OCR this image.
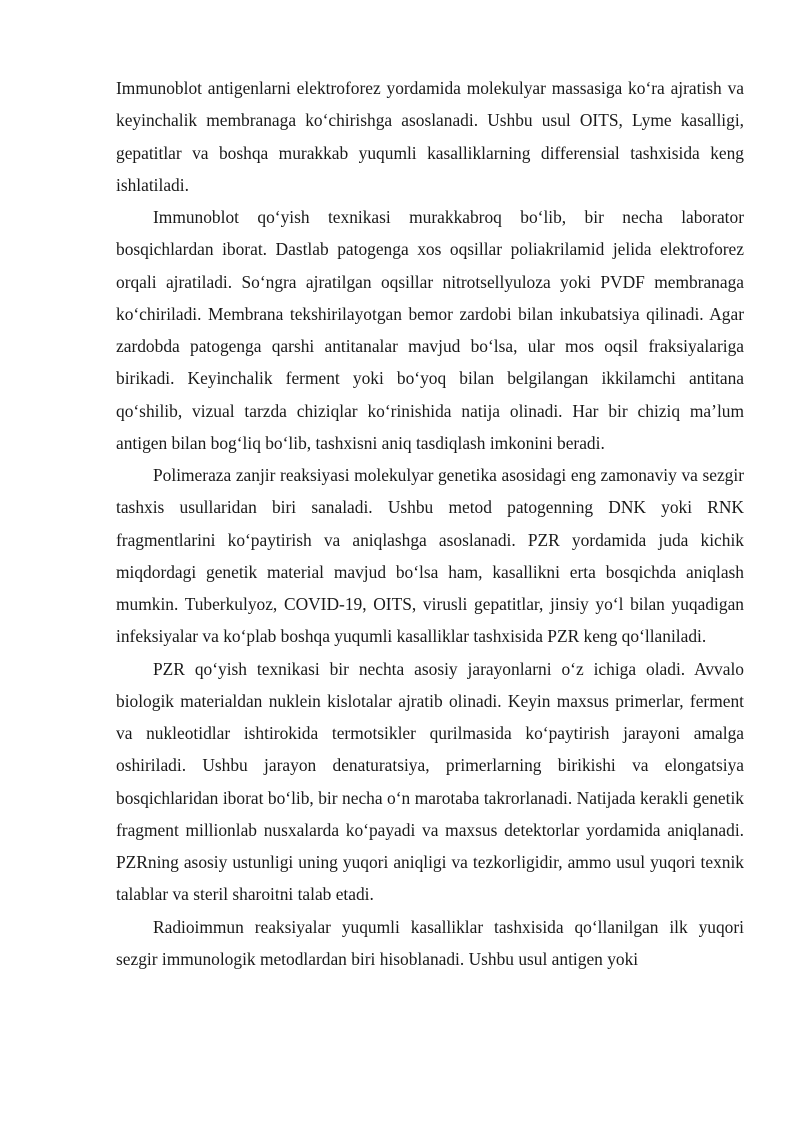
Immunoblot antigenlarni elektroforez yordamida molekulyar massasiga ko‘ra ajratish va keyinchalik membranaga ko‘chirishga asoslanadi. Ushbu usul OITS, Lyme kasalligi, gepatitlar va boshqa murakkab yuqumli kasalliklarning differensial tashxisida keng ishlatiladi.

Immunoblot qo‘yish texnikasi murakkabroq bo‘lib, bir necha laborator bosqichlardan iborat. Dastlab patogenga xos oqsillar poliakrilamid jelida elektroforez orqali ajratiladi. So‘ngra ajratilgan oqsillar nitrotsellyuloza yoki PVDF membranaga ko‘chiriladi. Membrana tekshirilayotgan bemor zardobi bilan inkubatsiya qilinadi. Agar zardobda patogenga qarshi antitanalar mavjud bo‘lsa, ular mos oqsil fraksiyalariga birikadi. Keyinchalik ferment yoki bo‘yoq bilan belgilangan ikkilamchi antitana qo‘shilib, vizual tarzda chiziqlar ko‘rinishida natija olinadi. Har bir chiziq ma’lum antigen bilan bog‘liq bo‘lib, tashxisni aniq tasdiqlash imkonini beradi.

Polimeraza zanjir reaksiyasi molekulyar genetika asosidagi eng zamonaviy va sezgir tashxis usullaridan biri sanaladi. Ushbu metod patogenning DNK yoki RNK fragmentlarini ko‘paytirish va aniqlashga asoslanadi. PZR yordamida juda kichik miqdordagi genetik material mavjud bo‘lsa ham, kasallikni erta bosqichda aniqlash mumkin. Tuberkulyoz, COVID-19, OITS, virusli gepatitlar, jinsiy yo‘l bilan yuqadigan infeksiyalar va ko‘plab boshqa yuqumli kasalliklar tashxisida PZR keng qo‘llaniladi.

PZR qo‘yish texnikasi bir nechta asosiy jarayonlarni o‘z ichiga oladi. Avvalo biologik materialdan nuklein kislotalar ajratib olinadi. Keyin maxsus primerlar, ferment va nukleotidlar ishtirokida termotsikler qurilmasida ko‘paytirish jarayoni amalga oshiriladi. Ushbu jarayon denaturatsiya, primerlarning birikishi va elongatsiya bosqichlaridan iborat bo‘lib, bir necha o‘n marotaba takrorlanadi. Natijada kerakli genetik fragment millionlab nusxalarda ko‘payadi va maxsus detektorlar yordamida aniqlanadi. PZRning asosiy ustunligi uning yuqori aniqligi va tezkorligidir, ammo usul yuqori texnik talablar va steril sharoitni talab etadi.

Radioimmun reaksiyalar yuqumli kasalliklar tashxisida qo‘llanilgan ilk yuqori sezgir immunologik metodlardan biri hisoblanadi. Ushbu usul antigen yoki
